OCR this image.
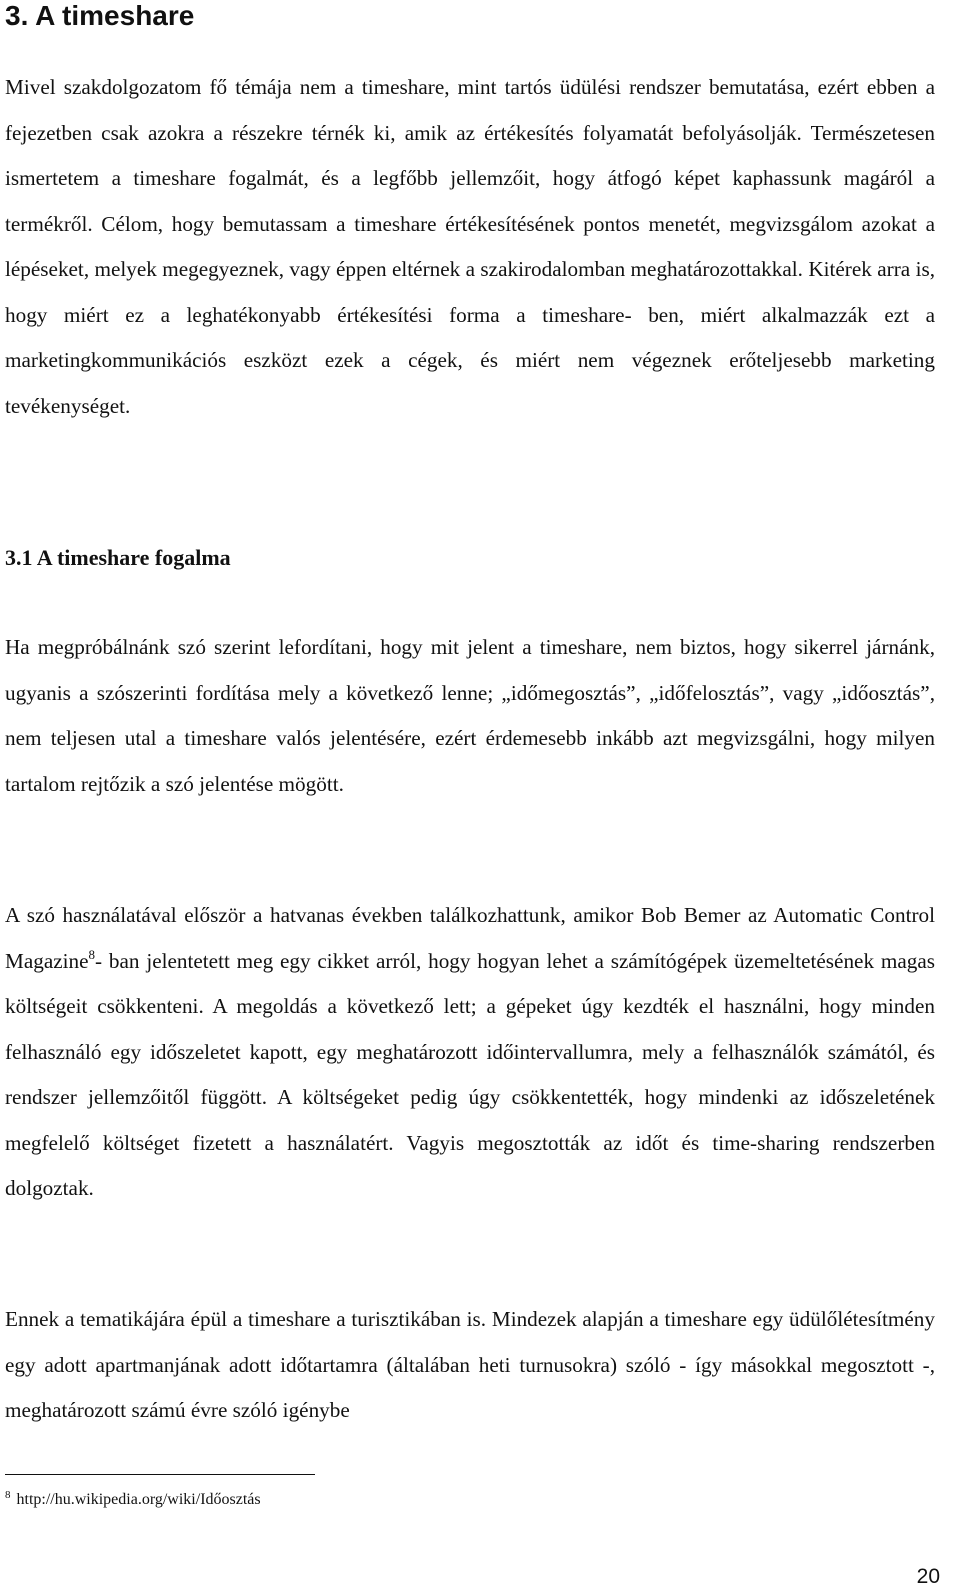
3. A timeshare

Mivel szakdolgozatom fő témája nem a timeshare, mint tartós üdülési rendszer bemutatása, ezért ebben a fejezetben csak azokra a részekre térnék ki, amik az értékesítés folyamatát befolyásolják. Természetesen ismertetem a timeshare fogalmát, és a legfőbb jellemzőit, hogy átfogó képet kaphassunk magáról a termékről. Célom, hogy bemutassam a timeshare értékesítésének pontos menetét, megvizsgálom azokat a lépéseket, melyek megegyeznek, vagy éppen eltérnek a szakirodalomban meghatározottakkal. Kitérek arra is, hogy miért ez a leghatékonyabb értékesítési forma a timeshare- ben, miért alkalmazzák ezt a marketingkommunikációs eszközt ezek a cégek, és miért nem végeznek erőteljesebb marketing tevékenységet.

3.1 A timeshare fogalma

Ha megpróbálnánk szó szerint lefordítani, hogy mit jelent a timeshare, nem biztos, hogy sikerrel járnánk, ugyanis a szószerinti fordítása mely a következő lenne; „időmegosztás”, „időfelosztás”, vagy „időosztás”, nem teljesen utal a timeshare valós jelentésére, ezért érdemesebb inkább azt megvizsgálni, hogy milyen tartalom rejtőzik a szó jelentése mögött.

A szó használatával először a hatvanas években találkozhattunk, amikor Bob Bemer az Automatic Control Magazine$^8$- ban jelentetett meg egy cikket arról, hogy hogyan lehet a számítógépek üzemeltetésének magas költségeit csökkenteni. A megoldás a következő lett; a gépeket úgy kezdték el használni, hogy minden felhasználó egy időszeletet kapott, egy meghatározott időintervallumra, mely a felhasználók számától, és rendszer jellemzőitől függött. A költségeket pedig úgy csökkentették, hogy mindenki az időszeletének megfelelő költséget fizetett a használatért. Vagyis megosztották az időt és time-sharing rendszerben dolgoztak.

Ennek a tematikájára épül a timeshare a turisztikában is. Mindezek alapján a timeshare egy üdülőlétesítmény egy adott apartmanjának adott időtartamra (általában heti turnusokra) szóló - így másokkal megosztott -, meghatározott számú évre szóló igénybe

$^8$ http://hu.wikipedia.org/wiki/Időosztás
20
